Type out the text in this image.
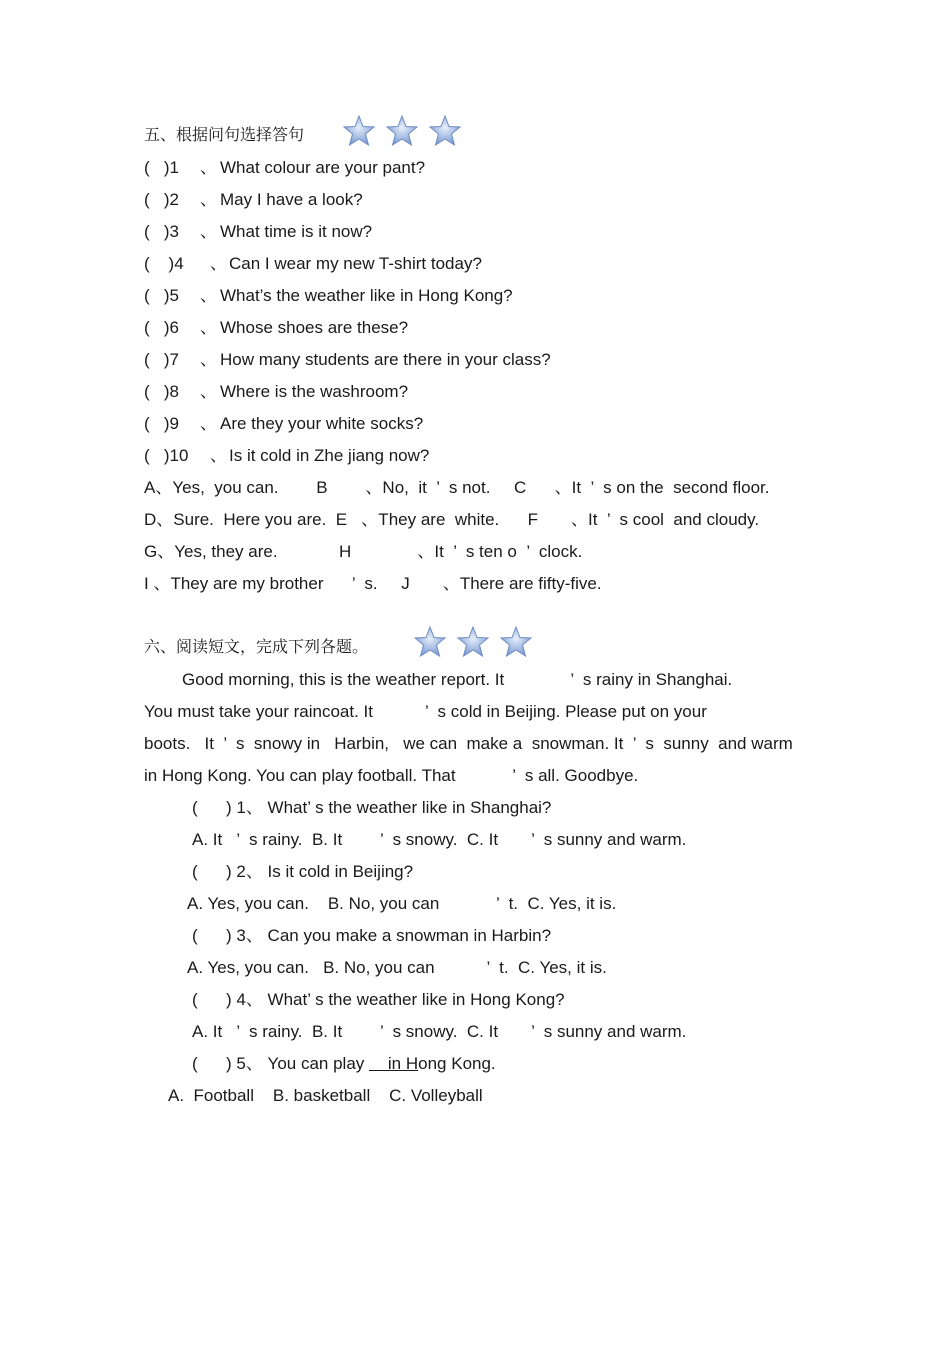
五、根据问句选择答句
(   )1 、 What colour are your pant?
(   )2 、 May I have a look?
(   )3 、 What time is it now?
(    )4 、 Can I wear my new T-shirt today?
(   )5 、 What’s the weather like in Hong Kong?
(   )6 、 Whose shoes are these?
(   )7 、 How many students are there in your class?
(   )8 、 Where is the washroom?
(   )9 、 Are they your white socks?
(   )10 、 Is it cold in Zhe jiang now?
A、Yes,  you can.        B        、No,  it  ’  s not.     C      、It  ’  s on the  second floor.
D、Sure.  Here you are.  E   、They are  white.      F       、It  ’  s cool  and cloudy.
G、Yes, they are.             H              、It  ’  s ten o  ’  clock.
I 、They are my brother      ’  s.     J       、There are fifty-five.
六、阅读短文，完成下列各题。
Good morning, this is the weather report. It              ’  s rainy in Shanghai.
You must take your raincoat. It           ’  s cold in Beijing. Please put on your
boots.   It  ’  s  snowy in   Harbin,   we can  make a  snowman. It  ’  s  sunny  and warm
in Hong Kong. You can play football. That            ’  s all. Goodbye.
(      ) 1、 What’ s the weather like in Shanghai?
A. It   ’  s rainy.  B. It        ’  s snowy.  C. It       ’  s sunny and warm.
(      ) 2、 Is it cold in Beijing?
A. Yes, you can.    B. No, you can            ’  t.  C. Yes, it is.
(      ) 3、 Can you make a snowman in Harbin?
A. Yes, you can.   B. No, you can           ’  t.  C. Yes, it is.
(      ) 4、 What’ s the weather like in Hong Kong?
A. It   ’  s rainy.  B. It        ’  s snowy.  C. It       ’  s sunny and warm.
(      ) 5、 You can play     in Hong Kong.
A.  Football    B. basketball    C. Volleyball
